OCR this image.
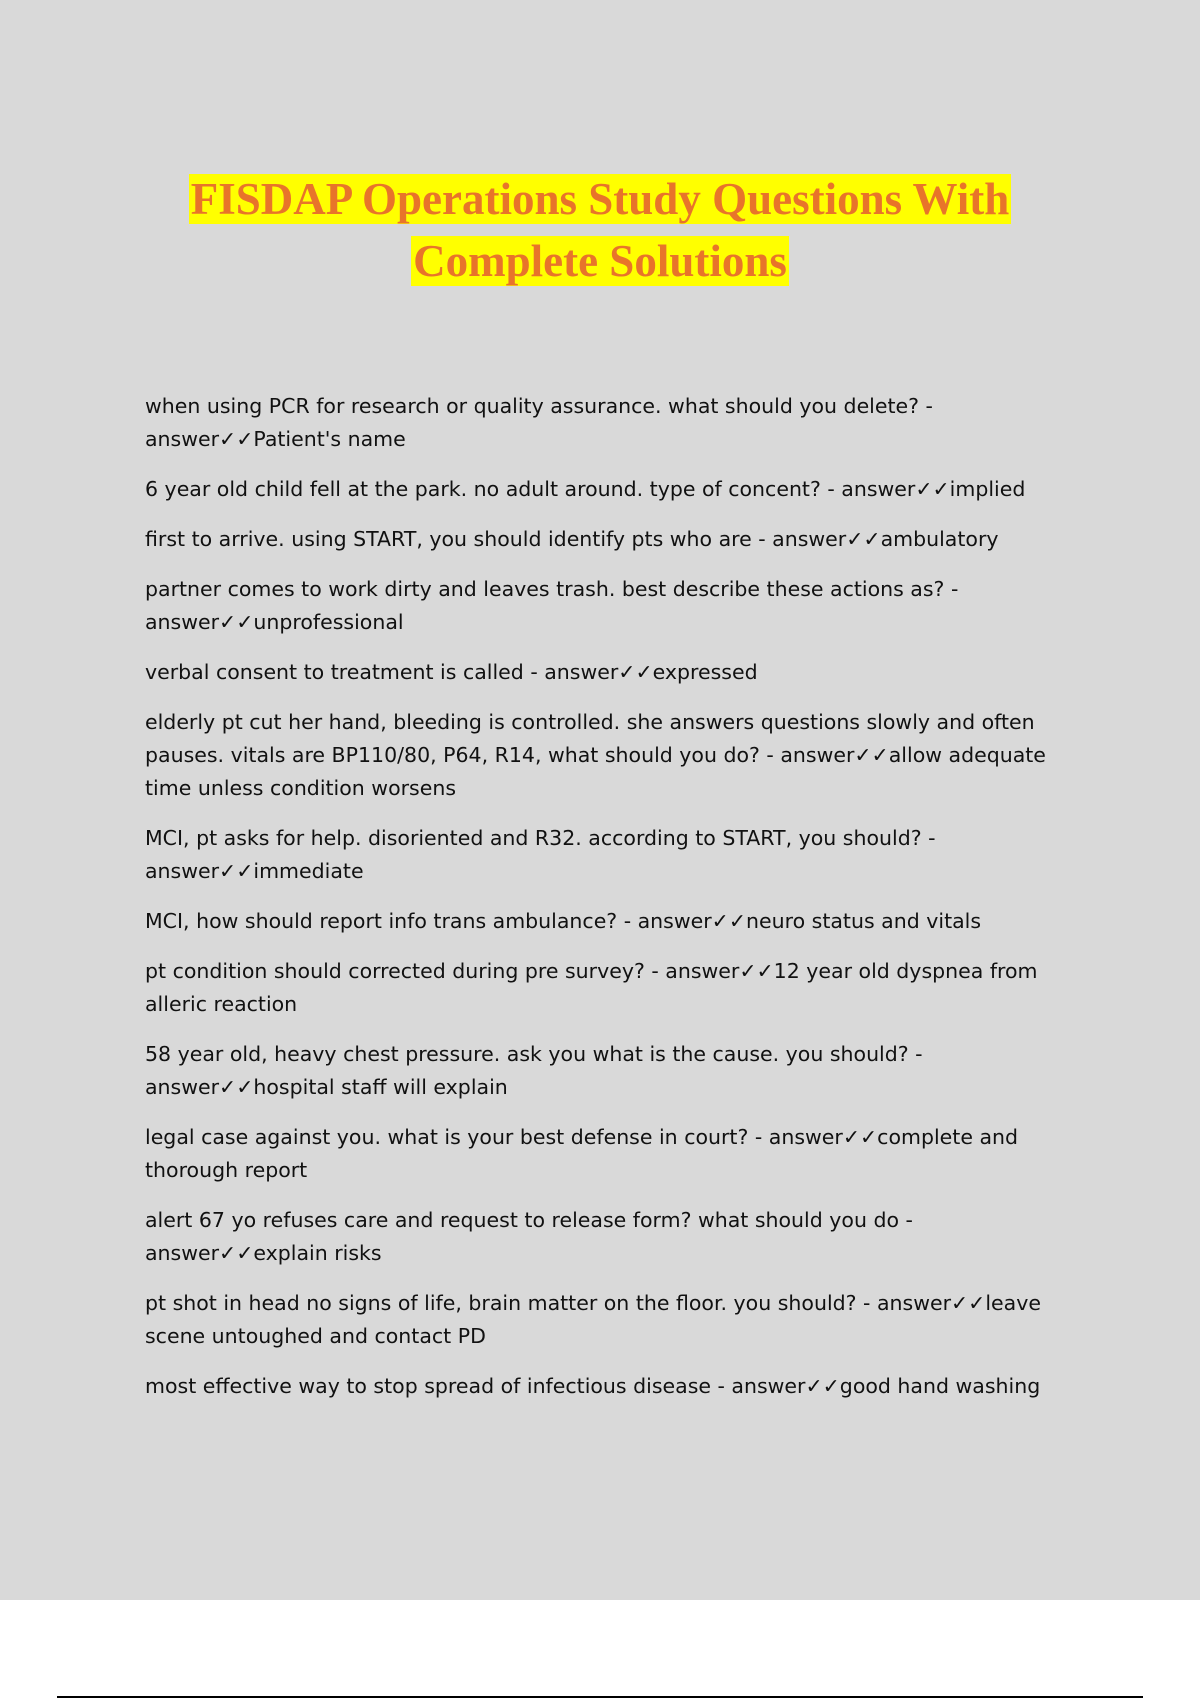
FISDAP Operations Study Questions With
Complete Solutions
when using PCR for research or quality assurance. what should you delete? - answer✓✓Patient's name
6 year old child fell at the park. no adult around. type of concent? - answer✓✓implied
first to arrive. using START, you should identify pts who are - answer✓✓ambulatory
partner comes to work dirty and leaves trash. best describe these actions as? - answer✓✓unprofessional
verbal consent to treatment is called - answer✓✓expressed
elderly pt cut her hand, bleeding is controlled. she answers questions slowly and often pauses. vitals are BP110/80, P64, R14, what should you do? - answer✓✓allow adequate time unless condition worsens
MCI, pt asks for help. disoriented and R32. according to START, you should? - answer✓✓immediate
MCI, how should report info trans ambulance? - answer✓✓neuro status and vitals
pt condition should corrected during pre survey? - answer✓✓12 year old dyspnea from alleric reaction
58 year old, heavy chest pressure. ask you what is the cause. you should? - answer✓✓hospital staff will explain
legal case against you. what is your best defense in court? - answer✓✓complete and thorough report
alert 67 yo refuses care and request to release form? what should you do - answer✓✓explain risks
pt shot in head no signs of life, brain matter on the floor. you should? - answer✓✓leave scene untoughed and contact PD
most effective way to stop spread of infectious disease - answer✓✓good hand washing
